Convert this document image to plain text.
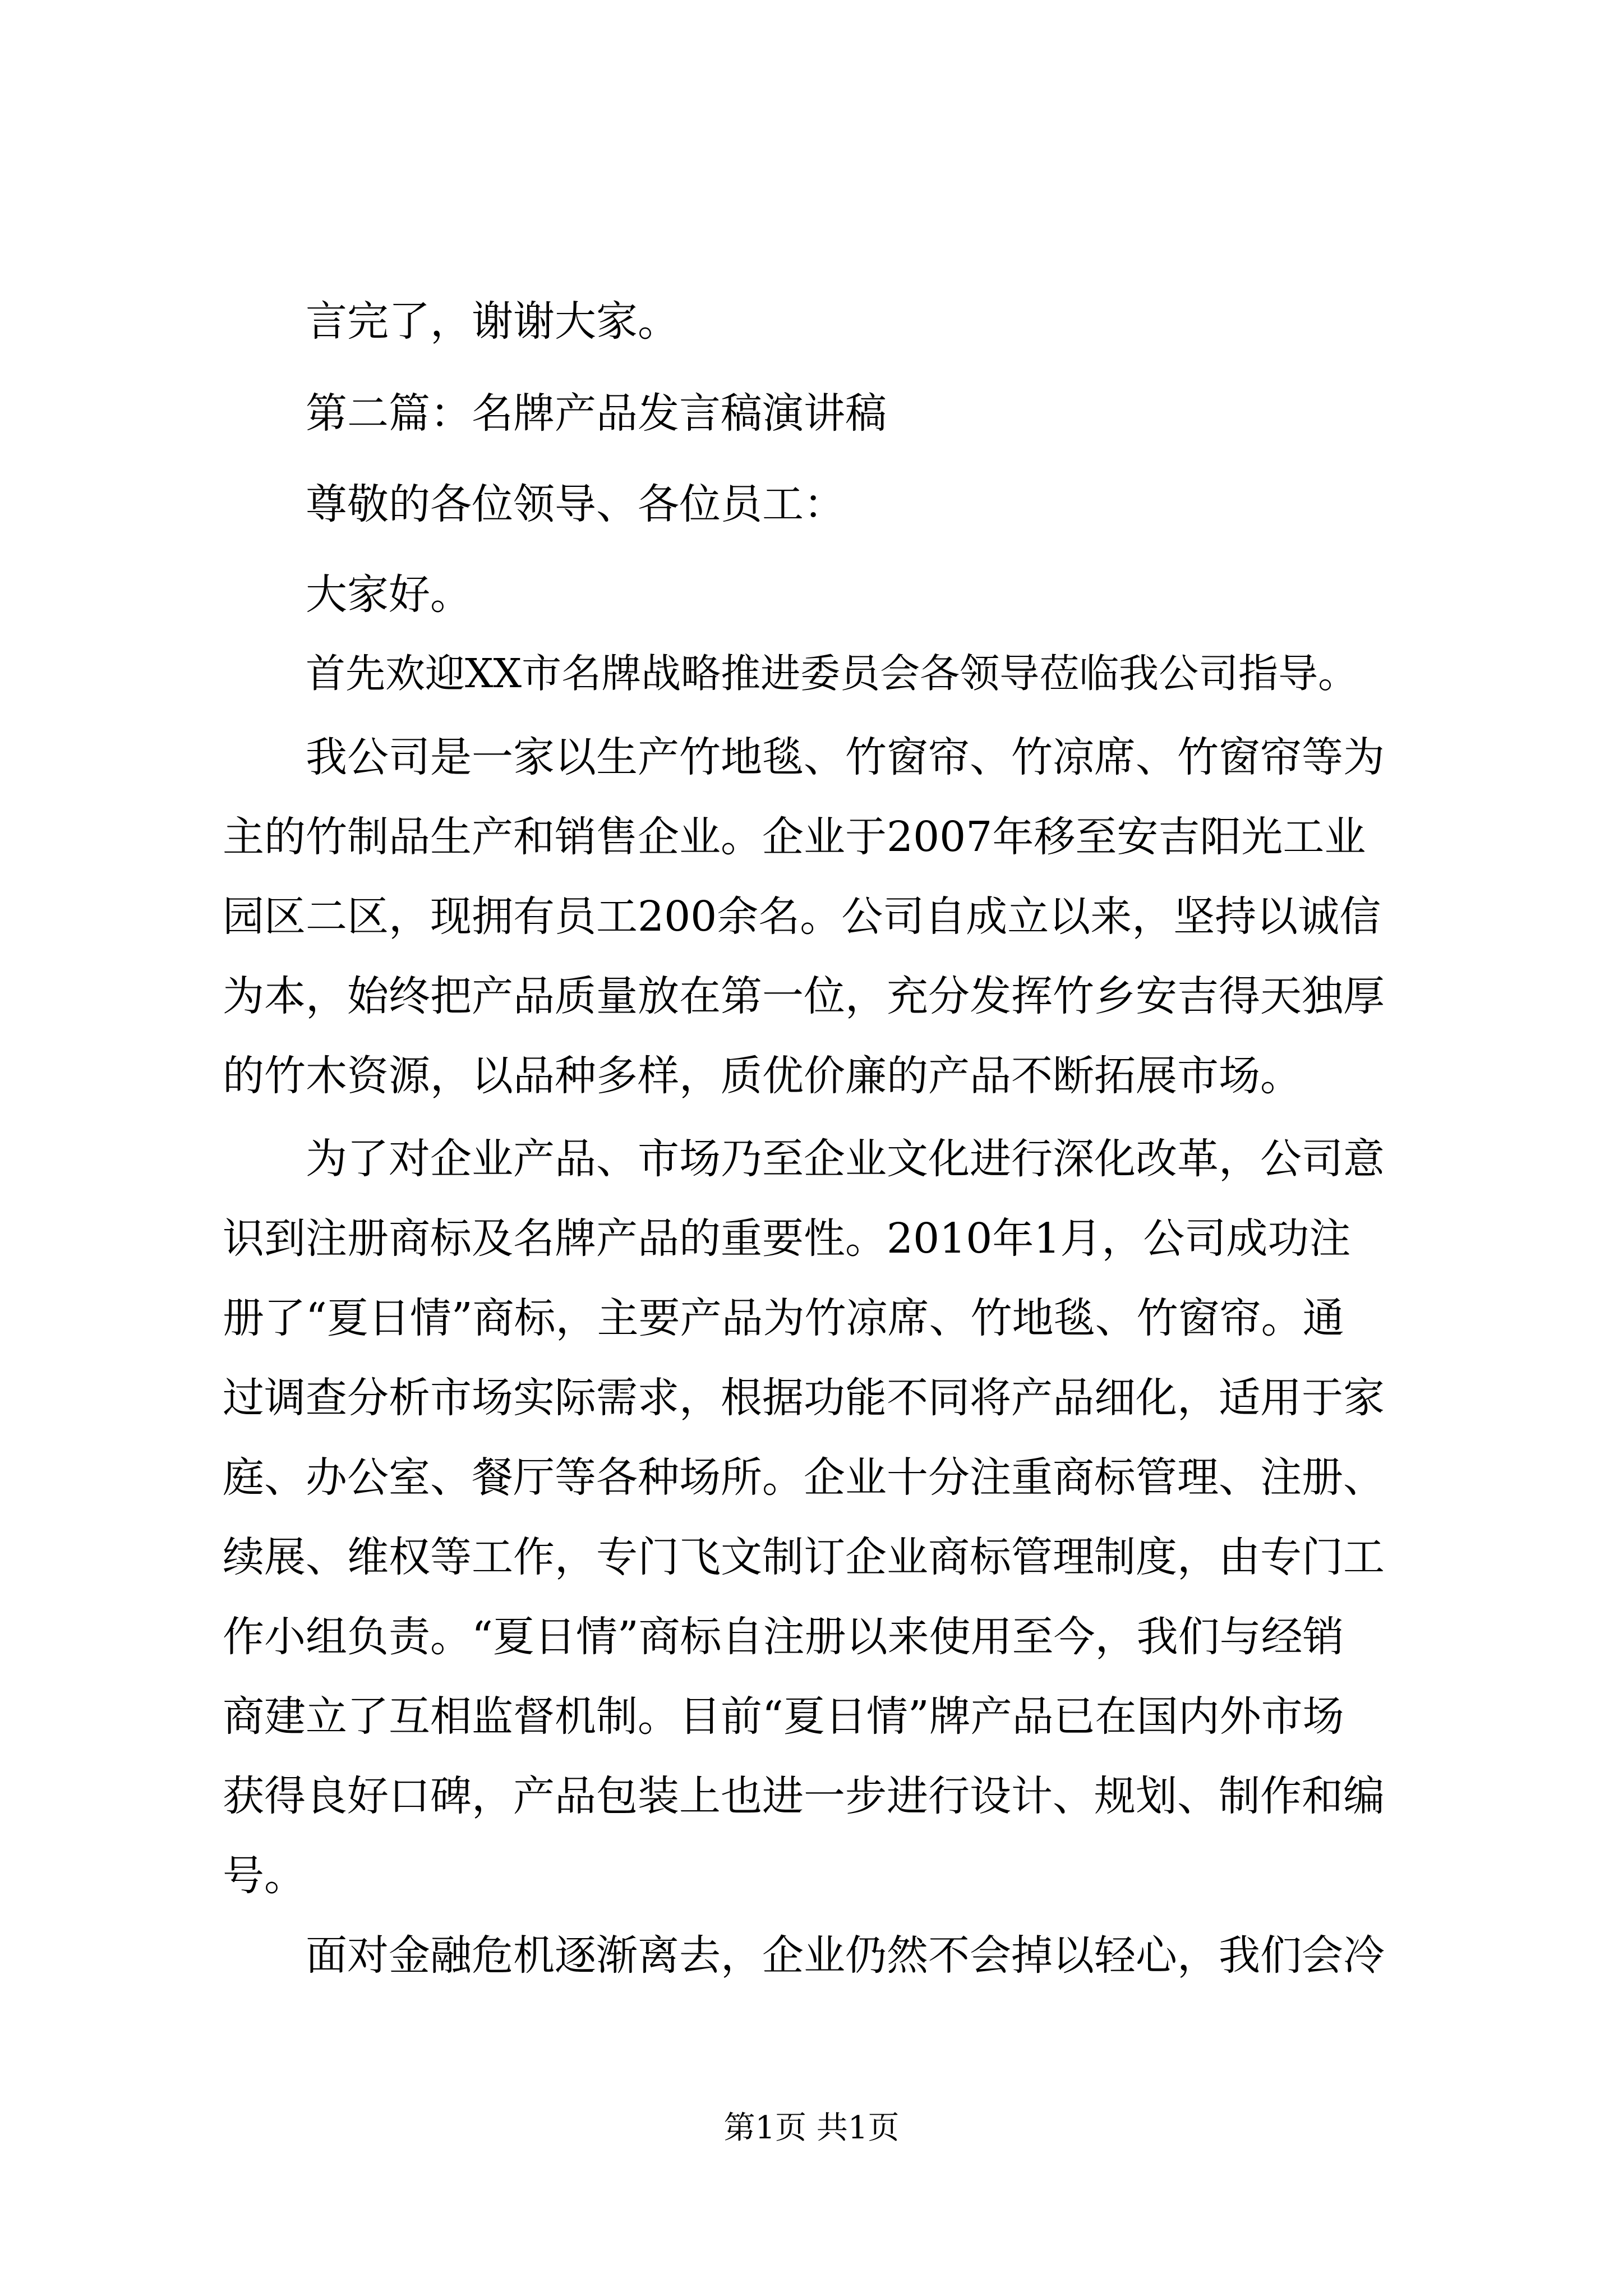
言完了，谢谢大家。

第二篇：名牌产品发言稿演讲稿

尊敬的各位领导、各位员工：

大家好。

首先欢迎XX市名牌战略推进委员会各领导莅临我公司指导。

我公司是一家以生产竹地毯、竹窗帘、竹凉席、竹窗帘等为

主的竹制品生产和销售企业。企业于2007年移至安吉阳光工业

园区二区，现拥有员工200余名。公司自成立以来，坚持以诚信

为本，始终把产品质量放在第一位，充分发挥竹乡安吉得天独厚

的竹木资源，以品种多样，质优价廉的产品不断拓展市场。

为了对企业产品、市场乃至企业文化进行深化改革，公司意

识到注册商标及名牌产品的重要性。2010年1月，公司成功注

册了“夏日情”商标，主要产品为竹凉席、竹地毯、竹窗帘。通

过调查分析市场实际需求，根据功能不同将产品细化，适用于家

庭、办公室、餐厅等各种场所。企业十分注重商标管理、注册、

续展、维权等工作，专门飞文制订企业商标管理制度，由专门工

作小组负责。“夏日情”商标自注册以来使用至今，我们与经销

商建立了互相监督机制。目前“夏日情”牌产品已在国内外市场

获得良好口碑，产品包装上也进一步进行设计、规划、制作和编

号。

面对金融危机逐渐离去，企业仍然不会掉以轻心，我们会冷

第1页 共1页
